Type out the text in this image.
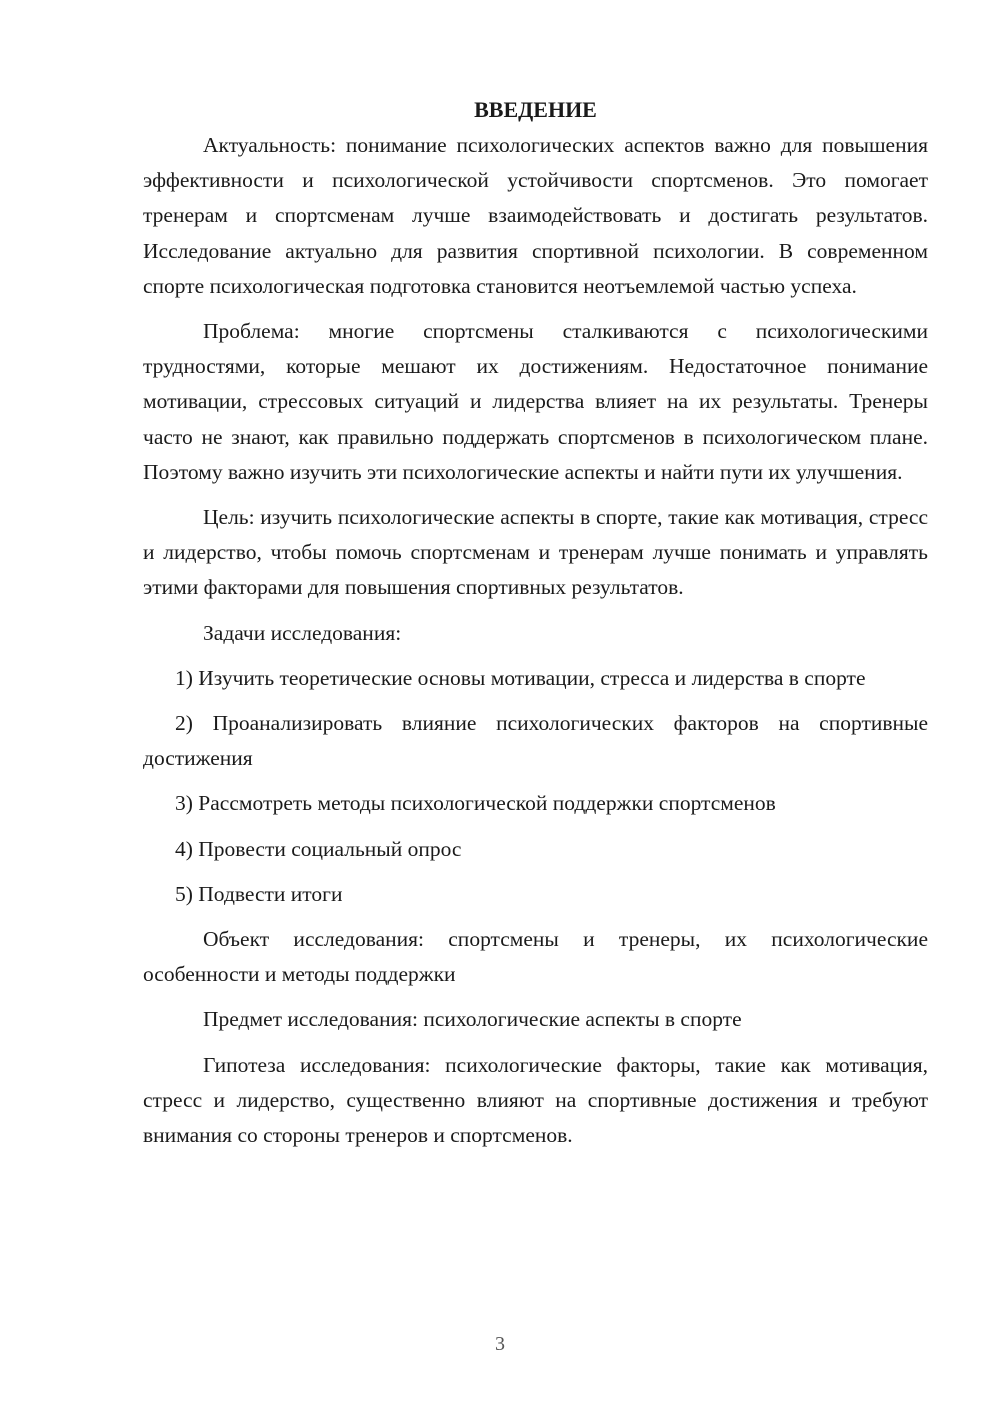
ВВЕДЕНИЕ

Актуальность: понимание психологических аспектов важно для повышения эффективности и психологической устойчивости спортсменов. Это помогает тренерам и спортсменам лучше взаимодействовать и достигать результатов. Исследование актуально для развития спортивной психологии. В современном спорте психологическая подготовка становится неотъемлемой частью успеха.

Проблема: многие спортсмены сталкиваются с психологическими трудностями, которые мешают их достижениям. Недостаточное понимание мотивации, стрессовых ситуаций и лидерства влияет на их результаты. Тренеры часто не знают, как правильно поддержать спортсменов в психологическом плане. Поэтому важно изучить эти психологические аспекты и найти пути их улучшения.

Цель: изучить психологические аспекты в спорте, такие как мотивация, стресс и лидерство, чтобы помочь спортсменам и тренерам лучше понимать и управлять этими факторами для повышения спортивных результатов.

Задачи исследования:

1) Изучить теоретические основы мотивации, стресса и лидерства в спорте

2) Проанализировать влияние психологических факторов на спортивные достижения

3) Рассмотреть методы психологической поддержки спортсменов

4) Провести социальный опрос

5) Подвести итоги

Объект исследования: спортсмены и тренеры, их психологические особенности и методы поддержки

Предмет исследования: психологические аспекты в спорте

Гипотеза исследования: психологические факторы, такие как мотивация, стресс и лидерство, существенно влияют на спортивные достижения и требуют внимания со стороны тренеров и спортсменов.

3
